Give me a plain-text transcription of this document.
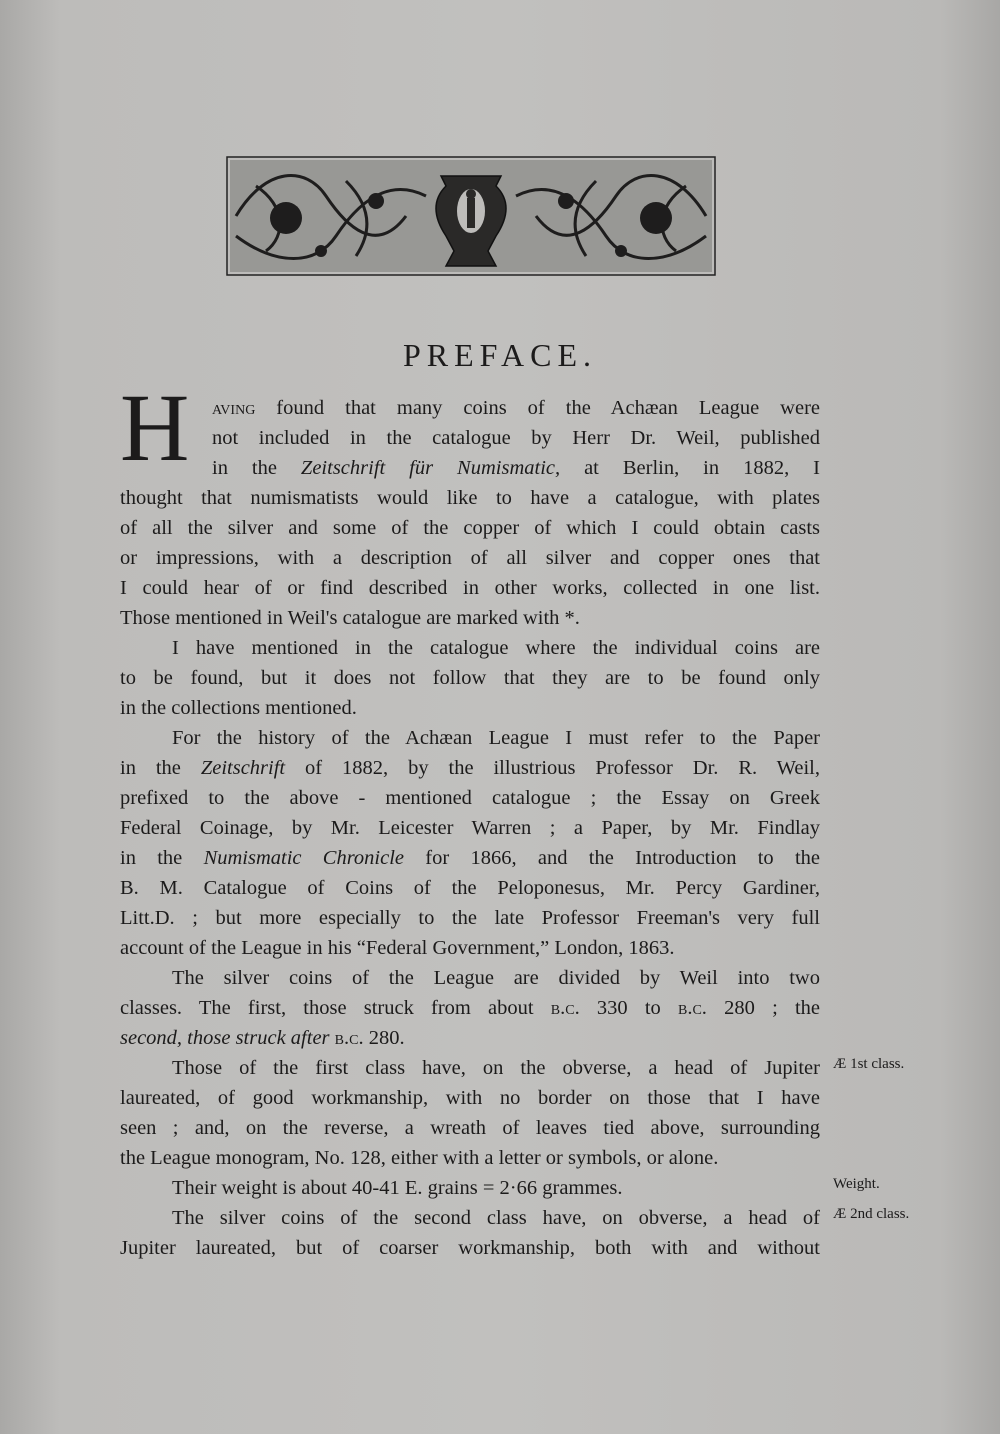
PREFACE.
H	aving found that many coins of the Achæan League were
not included in the catalogue by Herr Dr. Weil, published
in the Zeitschrift für Numismatic, at Berlin, in 1882, I
thought that numismatists would like to have a catalogue, with plates
of all the silver and some of the copper of which I could obtain casts
or impressions, with a description of all silver and copper ones that
I could hear of or find described in other works, collected in one list.
Those mentioned in Weil's catalogue are marked with *.
I have mentioned in the catalogue where the individual coins are
to be found, but it does not follow that they are to be found only
in the collections mentioned.
For the history of the Achæan League I must refer to the Paper
in the Zeitschrift of 1882, by the illustrious Professor Dr. R. Weil,
prefixed to the above - mentioned catalogue ; the Essay on Greek
Federal Coinage, by Mr. Leicester Warren ; a Paper, by Mr. Findlay
in the Numismatic Chronicle for 1866, and the Introduction to the
B. M. Catalogue of Coins of the Peloponesus, Mr. Percy Gardiner,
Litt.D. ; but more especially to the late Professor Freeman's very full
account of the League in his “Federal Government,” London, 1863.
The silver coins of the League are divided by Weil into two
classes. The first, those struck from about b.c. 330 to b.c. 280 ; the
second, those struck after b.c. 280.
Those of the first class have, on the obverse, a head of Jupiter
laureated, of good workmanship, with no border on those that I have
seen ; and, on the reverse, a wreath of leaves tied above, surrounding
the League monogram, No. 128, either with a letter or symbols, or alone.
Their weight is about 40-41 E. grains = 2·66 grammes.
The silver coins of the second class have, on obverse, a head of
Jupiter laureated, but of coarser workmanship, both with and without
Æ 1st class.
Weight.
Æ 2nd class.
